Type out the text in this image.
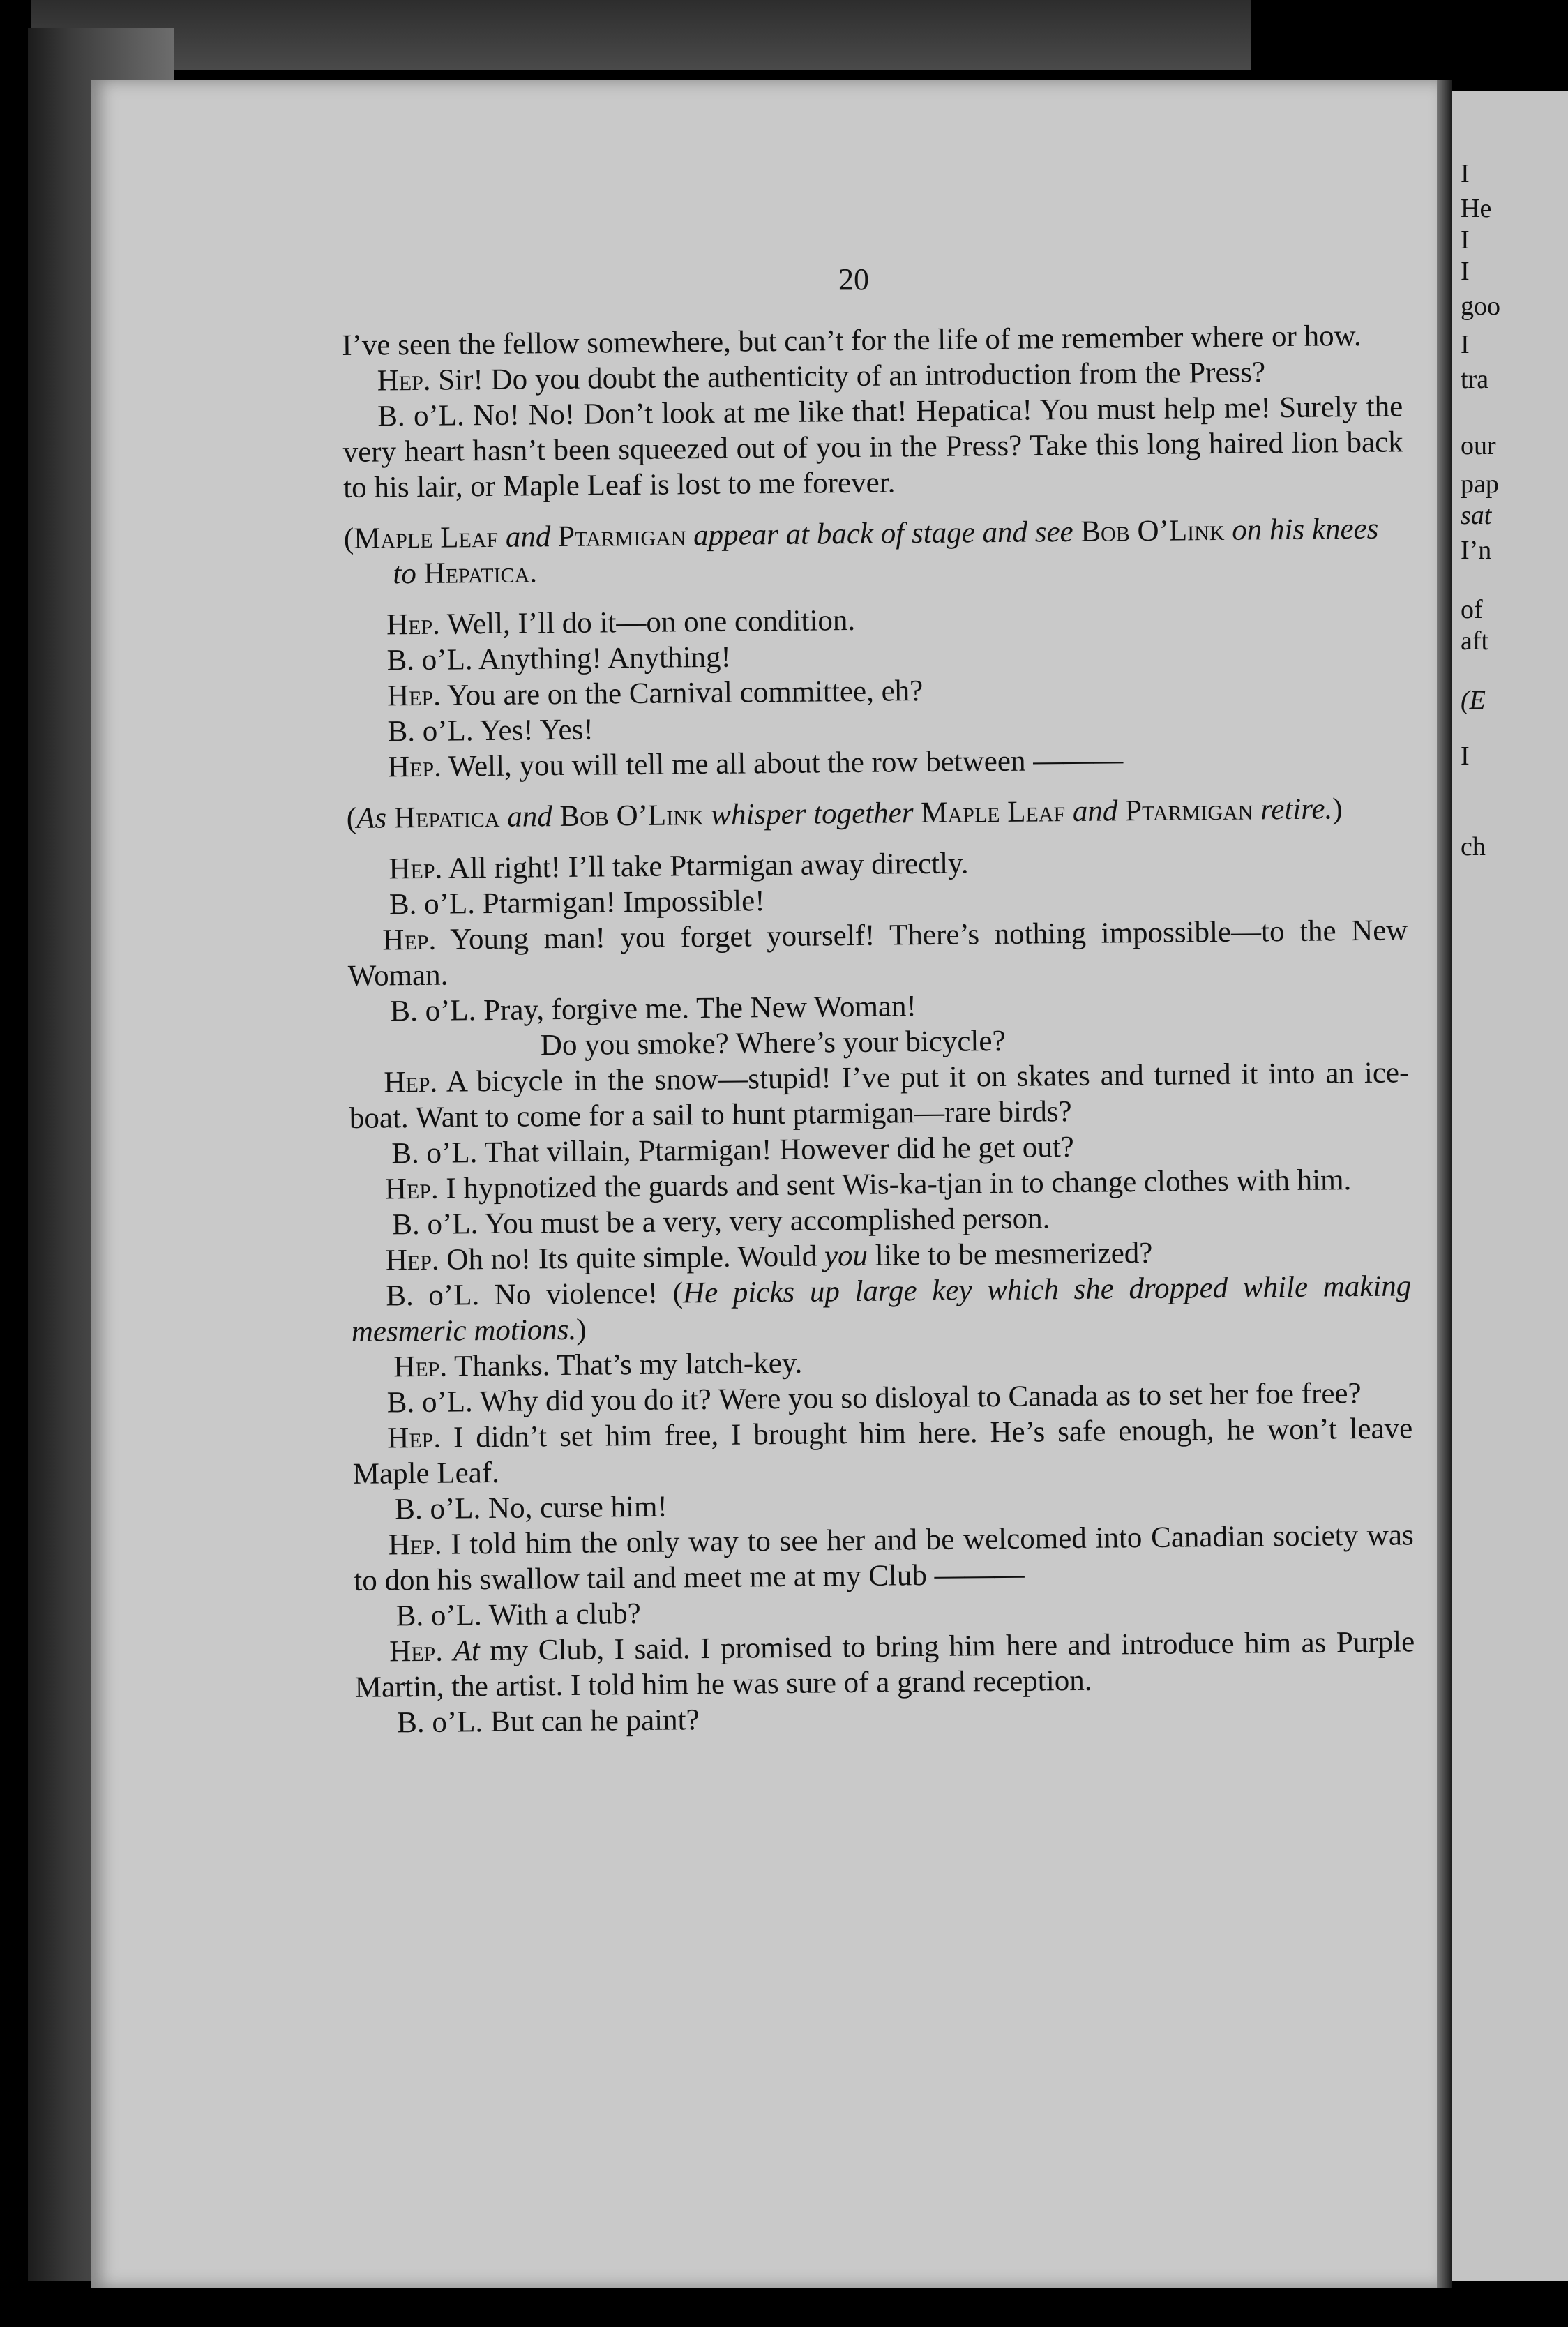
I
He
I
I
goo
I
tra
our
pap
sat
I’n
of
aft
(E
I
ch
20

I’ve seen the fellow somewhere, but can’t for the life of me remember where or how.

Hep. Sir! Do you doubt the authenticity of an introduction from the Press?

B. o’L. No! No! Don’t look at me like that! Hepatica! You must help me! Surely the very heart hasn’t been squeezed out of you in the Press? Take this long haired lion back to his lair, or Maple Leaf is lost to me forever.

(Maple Leaf and Ptarmigan appear at back of stage and see Bob O’Link on his knees to Hepatica.

Hep. Well, I’ll do it—on one condition.

B. o’L. Anything! Anything!

Hep. You are on the Carnival committee, eh?

B. o’L. Yes! Yes!

Hep. Well, you will tell me all about the row between ———

(As Hepatica and Bob O’Link whisper together Maple Leaf and Ptarmigan retire.)

Hep. All right! I’ll take Ptarmigan away directly.

B. o’L. Ptarmigan! Impossible!

Hep. Young man! you forget yourself! There’s nothing impossible—to the New Woman.

B. o’L. Pray, forgive me. The New Woman!

Do you smoke? Where’s your bicycle?

Hep. A bicycle in the snow—stupid! I’ve put it on skates and turned it into an ice-boat. Want to come for a sail to hunt ptarmigan—rare birds?

B. o’L. That villain, Ptarmigan! However did he get out?

Hep. I hypnotized the guards and sent Wis-ka-tjan in to change clothes with him.

B. o’L. You must be a very, very accomplished person.

Hep. Oh no! Its quite simple. Would you like to be mesmerized?

B. o’L. No violence! (He picks up large key which she dropped while making mesmeric motions.)

Hep. Thanks. That’s my latch-key.

B. o’L. Why did you do it? Were you so disloyal to Canada as to set her foe free?

Hep. I didn’t set him free, I brought him here. He’s safe enough, he won’t leave Maple Leaf.

B. o’L. No, curse him!

Hep. I told him the only way to see her and be welcomed into Canadian society was to don his swallow tail and meet me at my Club ———

B. o’L. With a club?

Hep. At my Club, I said. I promised to bring him here and introduce him as Purple Martin, the artist. I told him he was sure of a grand reception.

B. o’L. But can he paint?
